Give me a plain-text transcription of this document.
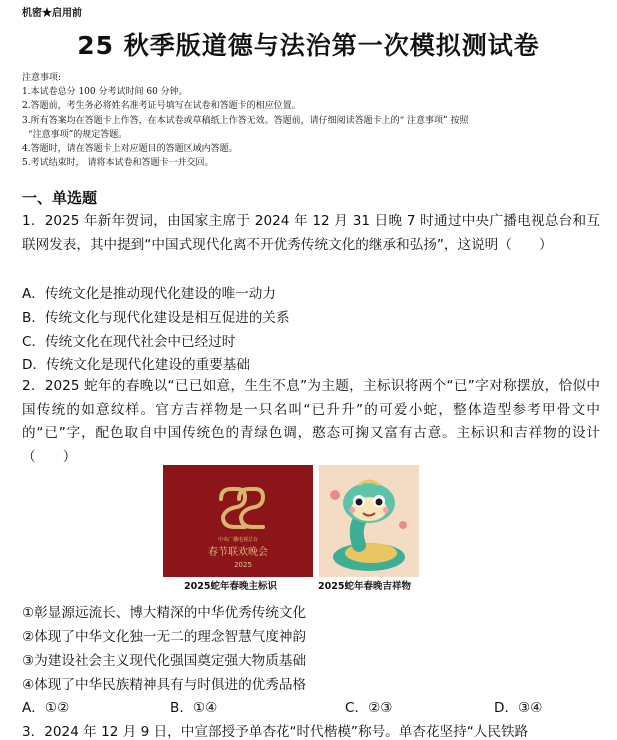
机密★启用前
25 秋季版道德与法治第一次模拟测试卷
注意事项:
1.本试卷总分 100 分考试时间 60 分钟。
2.答题前，考生务必将姓名准考证号填写在试卷和答题卡的相应位置。
3.所有答案均在答题卡上作答，在本试卷或草稿纸上作答无效。答题前，请仔细阅读答题卡上的“ 注意事项” 按照
“注意事项”的规定答题。
4.答题时，请在答题卡上对应题目的答题区域内答题。
5.考试结束时， 请将本试卷和答题卡一并交回。
一、单选题
1．2025 年新年贺词，由国家主席于 2024 年 12 月 31 日晚 7 时通过中央广播电视总台和互联网发表，其中提到“中国式现代化离不开优秀传统文化的继承和弘扬”，这说明（　　）
A．传统文化是推动现代化建设的唯一动力
B．传统文化与现代化建设是相互促进的关系
C．传统文化在现代社会中已经过时
D．传统文化是现代化建设的重要基础
2．2025 蛇年的春晚以“已已如意，生生不息”为主题，主标识将两个“已”字对称摆放，恰似中国传统的如意纹样。官方吉祥物是一只名叫“已升升”的可爱小蛇，整体造型参考甲骨文中的“已”字，配色取自中国传统色的青绿色调，憨态可掬又富有古意。主标识和吉祥物的设计（　　）
中央广播电视总台
春节联欢晚会
2025
2025蛇年春晚主标识	2025蛇年春晚吉祥物
①彰显源远流长、博大精深的中华优秀传统文化
②体现了中华文化独一无二的理念智慧气度神韵
③为建设社会主义现代化强国奠定强大物质基础
④体现了中华民族精神具有与时俱进的优秀品格
A．①②	B．①④	C．②③	D．③④
3．2024 年 12 月 9 日，中宣部授予单杏花“时代楷模”称号。单杏花坚持“人民铁路
